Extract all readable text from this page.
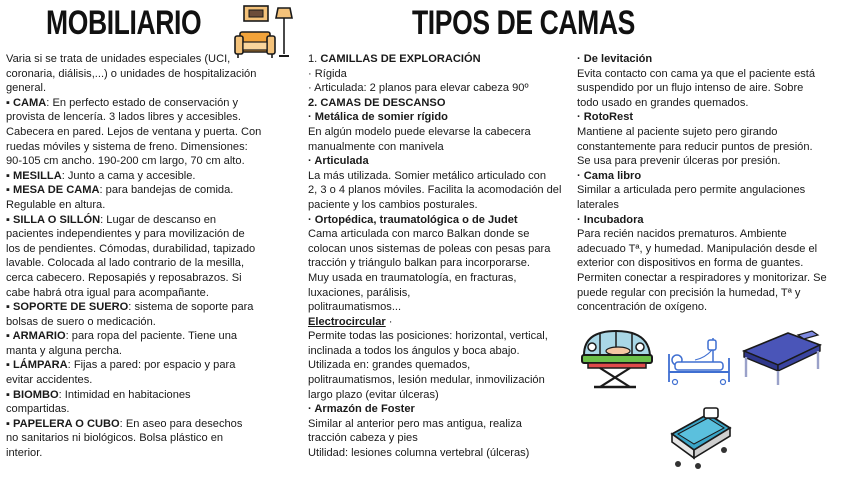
MOBILIARIO	TIPOS DE CAMAS
Varia si se trata de unidades especiales (UCI,
coronaria, diálisis,...) o unidades de hospitalización
general.
▪ CAMA: En perfecto estado de conservación y
provista de lencería. 3 lados libres y accesibles.
Cabecera en pared. Lejos de ventana y puerta. Con
ruedas móviles y sistema de freno. Dimensiones:
90-105 cm ancho. 190-200 cm largo, 70 cm alto.
▪ MESILLA: Junto a cama y accesible.
▪ MESA DE CAMA: para bandejas de comida.
Regulable en altura.
▪ SILLA O SILLÓN: Lugar de descanso en
pacientes independientes y para movilización de
los de pendientes. Cómodas, durabilidad, tapizado
lavable. Colocada al lado contrario de la mesilla,
cerca cabecero. Reposapiés y reposabrazos. Si
cabe habrá otra igual para acompañante.
▪ SOPORTE DE SUERO: sistema de soporte para
bolsas de suero o medicación.
▪ ARMARIO: para ropa del paciente. Tiene una
manta y alguna percha.
▪ LÁMPARA: Fijas a pared: por espacio y para
evitar accidentes.
▪ BIOMBO: Intimidad en habitaciones
compartidas.
▪ PAPELERA O CUBO: En aseo para desechos
no sanitarios ni biológicos. Bolsa plástico en
interior.
1. CAMILLAS DE EXPLORACIÓN
· Rígida
· Articulada: 2 planos para elevar cabeza 90º
2. CAMAS DE DESCANSO
· Metálica de somier rígido
En algún modelo puede elevarse la cabecera
manualmente con manivela
· Articulada
La más utilizada. Somier metálico articulado con
2, 3 o 4 planos móviles. Facilita la acomodación del
paciente y los cambios posturales.
· Ortopédica, traumatológica o de Judet
Cama articulada con marco Balkan donde se
colocan unos sistemas de poleas con pesas para
tracción y triángulo balkan para incorporarse.
Muy usada en traumatología, en fracturas,
luxaciones, parálisis,
politraumatismos...
Electrocircular ·
Permite todas las posiciones: horizontal, vertical,
inclinada a todos los ángulos y boca abajo.
Utilizada en: grandes quemados,
politraumatismos, lesión medular, inmovilización
largo plazo (evitar úlceras)
· Armazón de Foster
Similar al anterior pero mas antigua, realiza
tracción cabeza y pies
Utilidad: lesiones columna vertebral (úlceras)
· De levitación
Evita contacto con cama ya que el paciente está
suspendido por un flujo intenso de aire. Sobre
todo usado en grandes quemados.
· RotoRest
Mantiene al paciente sujeto pero girando
constantemente para reducir puntos de presión.
Se usa para prevenir úlceras por presión.
· Cama libro
Similar a articulada pero permite angulaciones
laterales
· Incubadora
Para recién nacidos prematuros. Ambiente
adecuado Tª, y humedad. Manipulación desde el
exterior con dispositivos en forma de guantes.
Permiten conectar a respiradores y monitorizar. Se
puede regular con precisión la humedad, Tª y
concentración de oxígeno.
